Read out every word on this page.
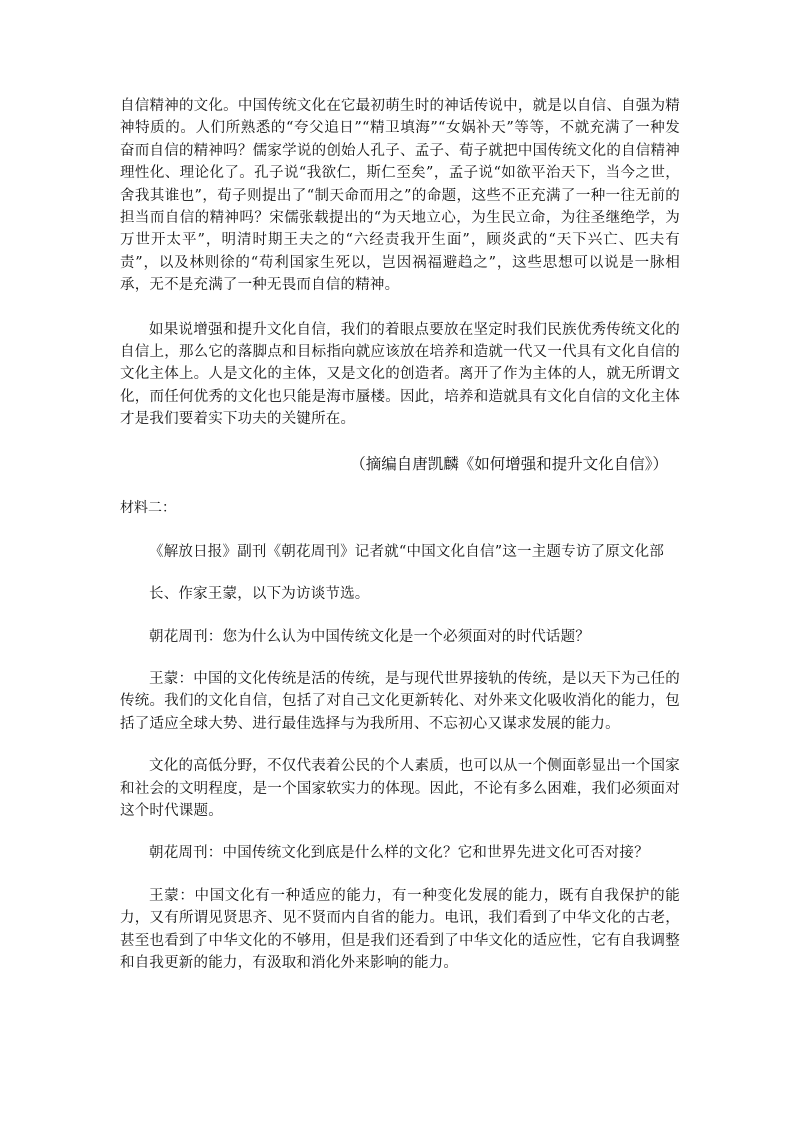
自信精神的文化。中国传统文化在它最初萌生时的神话传说中，就是以自信、自强为精神特质的。人们所熟悉的“夸父追日”“精卫填海”“女娲补天”等等，不就充满了一种发奋而自信的精神吗？儒家学说的创始人孔子、孟子、荀子就把中国传统文化的自信精神理性化、理论化了。孔子说“我欲仁，斯仁至矣”，孟子说“如欲平治天下，当今之世，舍我其谁也”，荀子则提出了“制天命而用之”的命题，这些不正充满了一种一往无前的担当而自信的精神吗？宋儒张载提出的“为天地立心，为生民立命，为往圣继绝学，为万世开太平”，明清时期王夫之的“六经责我开生面”，顾炎武的“天下兴亡、匹夫有责”，以及林则徐的“苟利国家生死以，岂因祸福避趋之”，这些思想可以说是一脉相承，无不是充满了一种无畏而自信的精神。

如果说增强和提升文化自信，我们的着眼点要放在坚定时我们民族优秀传统文化的自信上，那么它的落脚点和目标指向就应该放在培养和造就一代又一代具有文化自信的文化主体上。人是文化的主体，又是文化的创造者。离开了作为主体的人，就无所谓文化，而任何优秀的文化也只能是海市蜃楼。因此，培养和造就具有文化自信的文化主体才是我们要着实下功夫的关键所在。

（摘编自唐凯麟《如何增强和提升文化自信》）

材料二：

《解放日报》副刊《朝花周刊》记者就“中国文化自信”这一主题专访了原文化部

长、作家王蒙，以下为访谈节选。

朝花周刊：您为什么认为中国传统文化是一个必须面对的时代话题？

王蒙：中国的文化传统是活的传统，是与现代世界接轨的传统，是以天下为己任的传统。我们的文化自信，包括了对自己文化更新转化、对外来文化吸收消化的能力，包括了适应全球大势、进行最佳选择与为我所用、不忘初心又谋求发展的能力。

文化的高低分野，不仅代表着公民的个人素质，也可以从一个侧面彰显出一个国家和社会的文明程度，是一个国家软实力的体现。因此，不论有多么困难，我们必须面对这个时代课题。

朝花周刊：中国传统文化到底是什么样的文化？它和世界先进文化可否对接？

王蒙：中国文化有一种适应的能力，有一种变化发展的能力，既有自我保护的能力，又有所谓见贤思齐、见不贤而内自省的能力。电讯，我们看到了中华文化的古老，甚至也看到了中华文化的不够用，但是我们还看到了中华文化的适应性，它有自我调整和自我更新的能力，有汲取和消化外来影响的能力。
